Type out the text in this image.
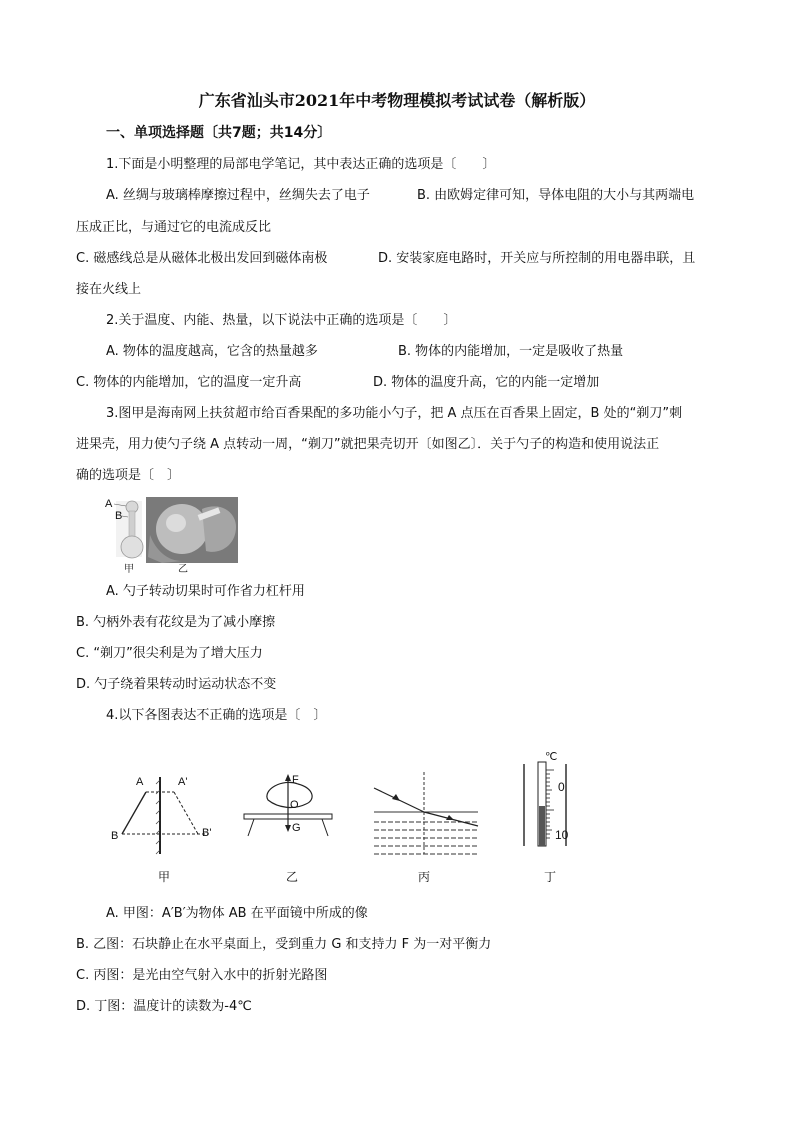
广东省汕头市2021年中考物理模拟考试试卷（解析版）
一、单项选择题〔共7题；共14分〕
1.下面是小明整理的局部电学笔记，其中表达正确的选项是〔　　〕
A. 丝绸与玻璃棒摩擦过程中，丝绸失去了电子	B. 由欧姆定律可知，导体电阻的大小与其两端电
压成正比，与通过它的电流成反比
C. 磁感线总是从磁体北极出发回到磁体南极	D. 安装家庭电路时，开关应与所控制的用电器串联，且
接在火线上
2.关于温度、内能、热量，以下说法中正确的选项是〔　　〕
A. 物体的温度越高，它含的热量越多	B. 物体的内能增加，一定是吸收了热量
C. 物体的内能增加，它的温度一定升高	D. 物体的温度升高，它的内能一定增加
3.图甲是海南网上扶贫超市给百香果配的多功能小勺子，把 A 点压在百香果上固定，B 处的“剃刀”刺
进果壳，用力使勺子绕 A 点转动一周，“剃刀”就把果壳切开〔如图乙〕．关于勺子的构造和使用说法正
确的选项是〔　〕
A
B
甲	乙
A. 勺子转动切果时可作省力杠杆用
B. 勺柄外表有花纹是为了减小摩擦
C. “剃刀”很尖利是为了增大压力
D. 勺子绕着果转动时运动状态不变
4.以下各图表达不正确的选项是〔　〕
A	A'
B	B'
甲
F
O
G
乙	丙
℃
0
10
丁
A. 甲图：A′B′为物体 AB 在平面镜中所成的像
B. 乙图：石块静止在水平桌面上，受到重力 G 和支持力 F 为一对平衡力
C. 丙图：是光由空气射入水中的折射光路图
D. 丁图：温度计的读数为-4℃
